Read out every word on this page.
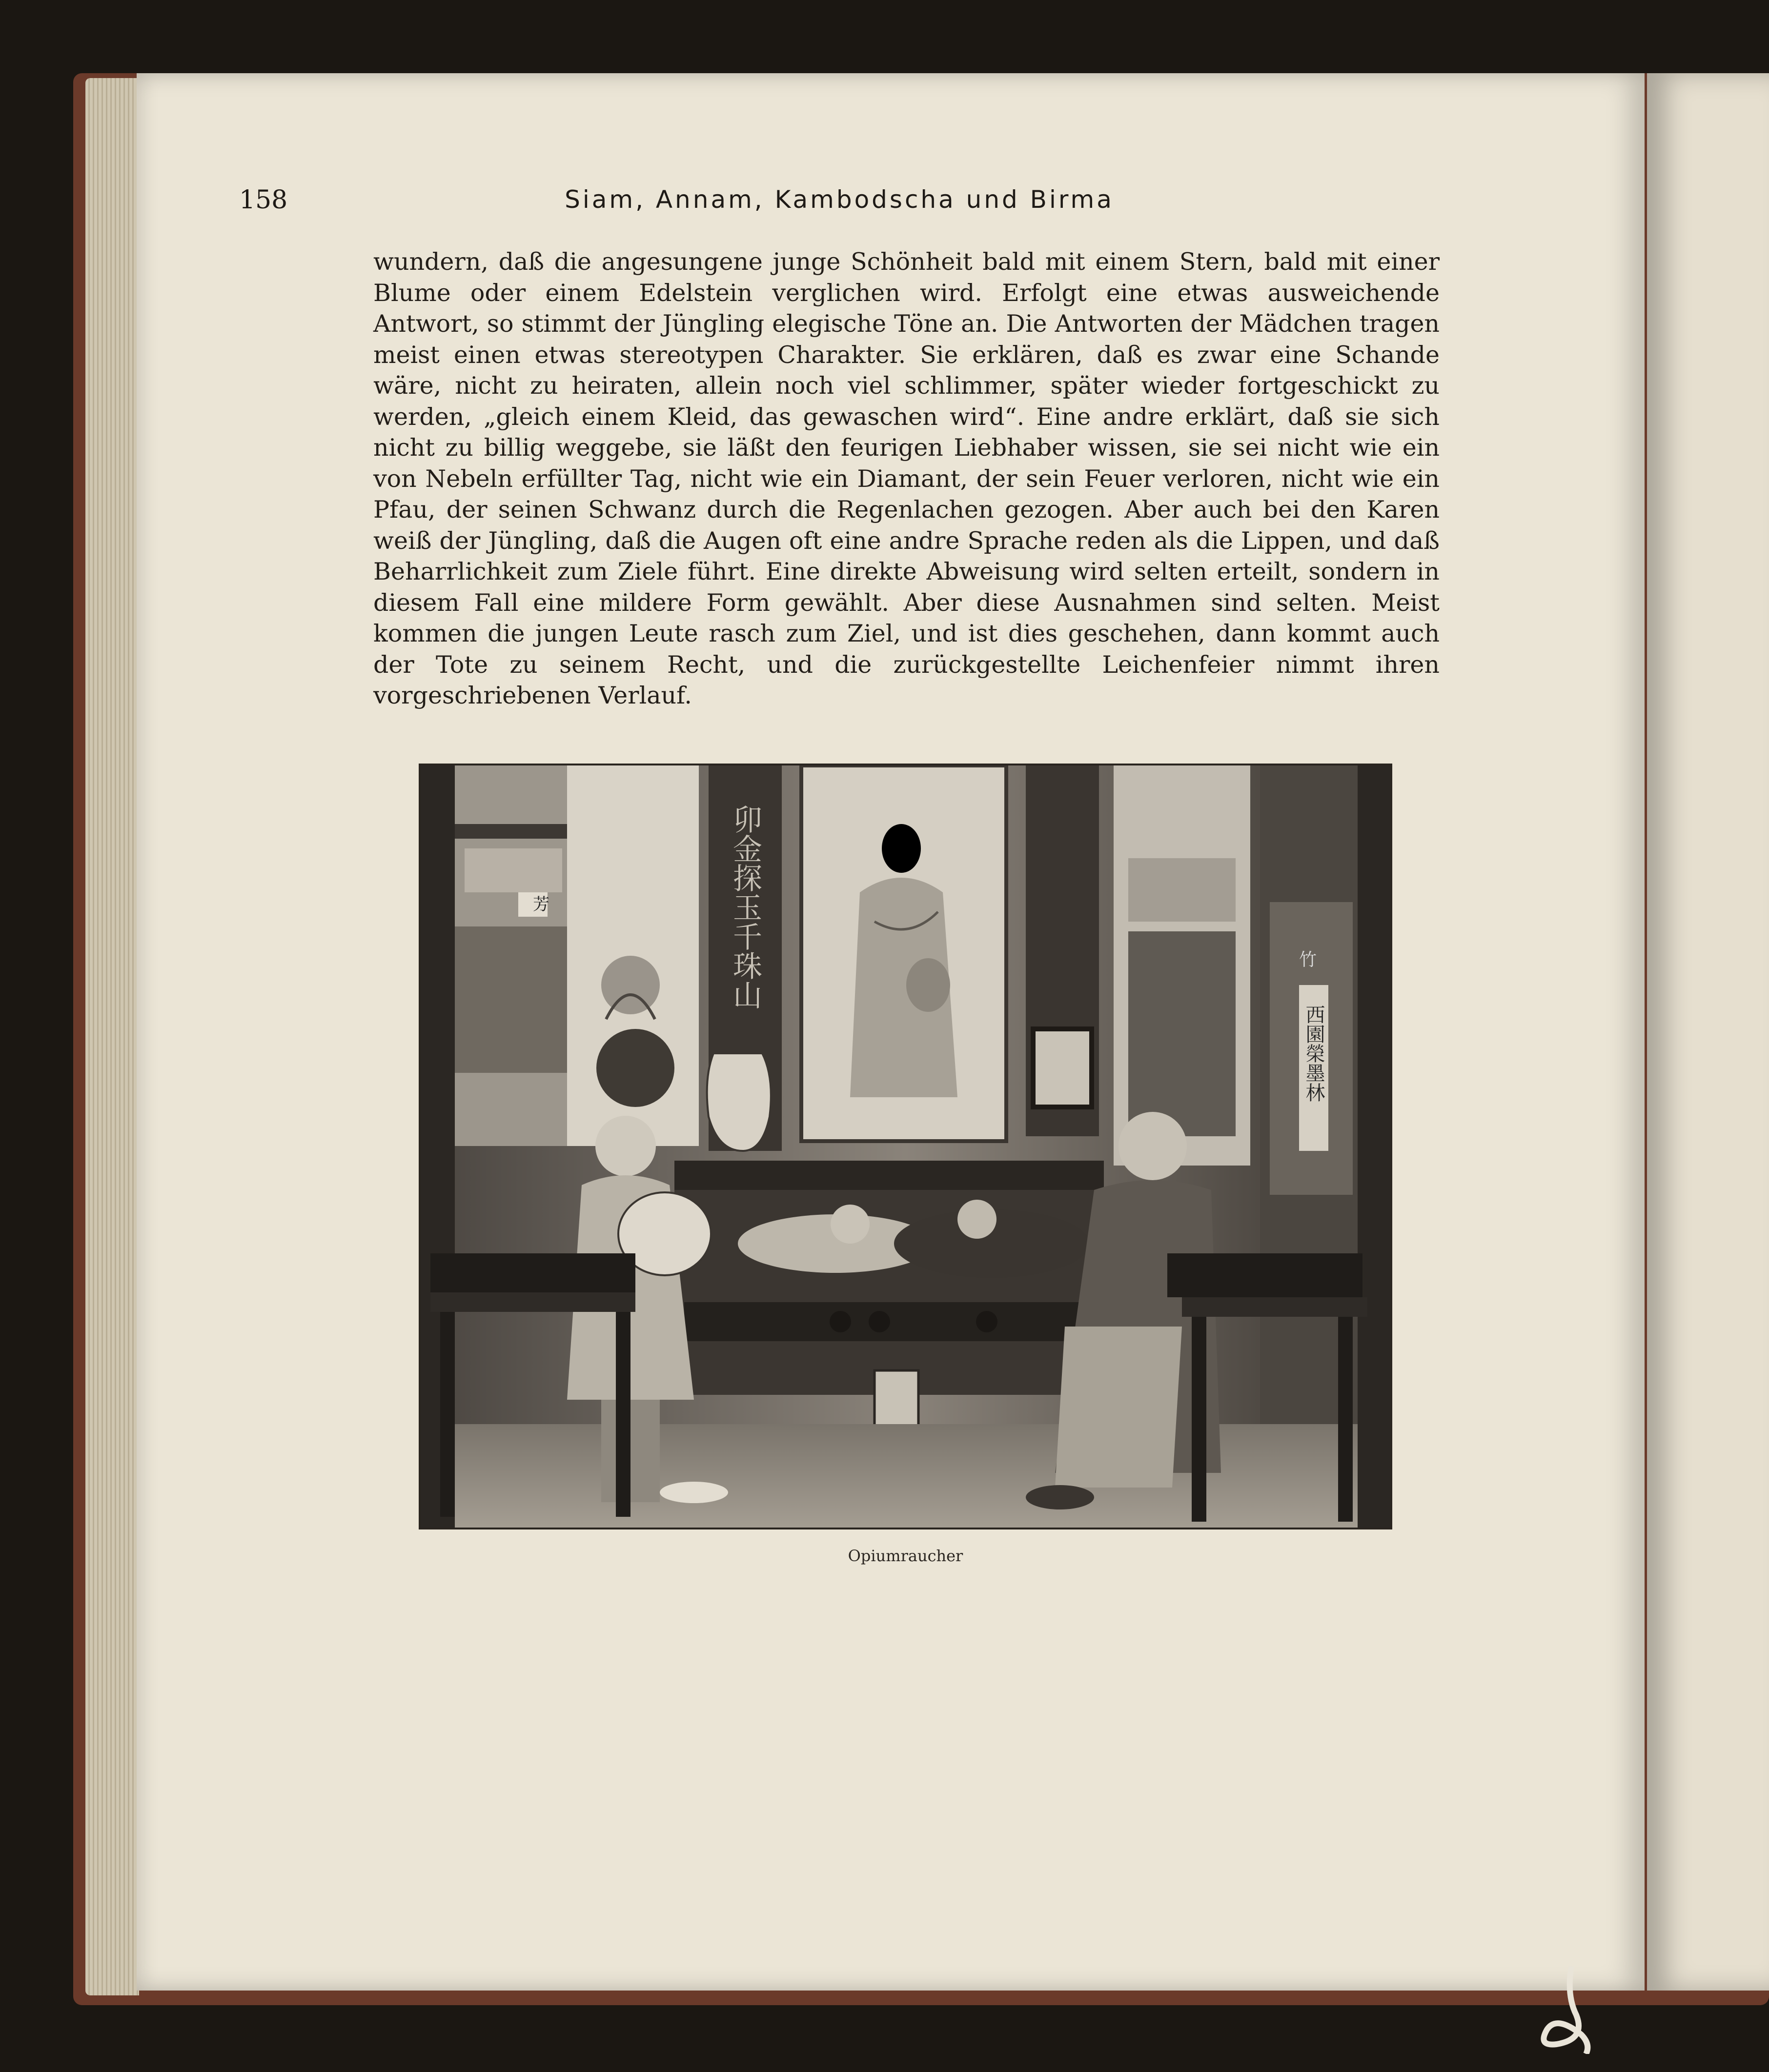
158	Siam, Annam, Kambodscha und Birma

wundern, daß die angesungene junge Schönheit bald mit einem Stern, bald mit einer Blume oder einem Edelstein verglichen wird. Erfolgt eine etwas ausweichende Antwort, so stimmt der Jüngling elegische Töne an. Die Antworten der Mädchen tragen meist einen etwas stereotypen Charakter. Sie erklären, daß es zwar eine Schande wäre, nicht zu heiraten, allein noch viel schlimmer, später wieder fortgeschickt zu werden, „gleich einem Kleid, das gewaschen wird“. Eine andre erklärt, daß sie sich nicht zu billig weggebe, sie läßt den feurigen Liebhaber wissen, sie sei nicht wie ein von Nebeln erfüllter Tag, nicht wie ein Diamant, der sein Feuer verloren, nicht wie ein Pfau, der seinen Schwanz durch die Regenlachen gezogen. Aber auch bei den Karen weiß der Jüngling, daß die Augen oft eine andre Sprache reden als die Lippen, und daß Beharrlichkeit zum Ziele führt. Eine direkte Abweisung wird selten erteilt, sondern in diesem Fall eine mildere Form gewählt. Aber diese Ausnahmen sind selten. Meist kommen die jungen Leute rasch zum Ziel, und ist dies geschehen, dann kommt auch der Tote zu seinem Recht, und die zurückgestellte Leichenfeier nimmt ihren vorgeschriebenen Verlauf.

芳	卯金探玉千珠山
西園榮墨林
竹
Opiumraucher
